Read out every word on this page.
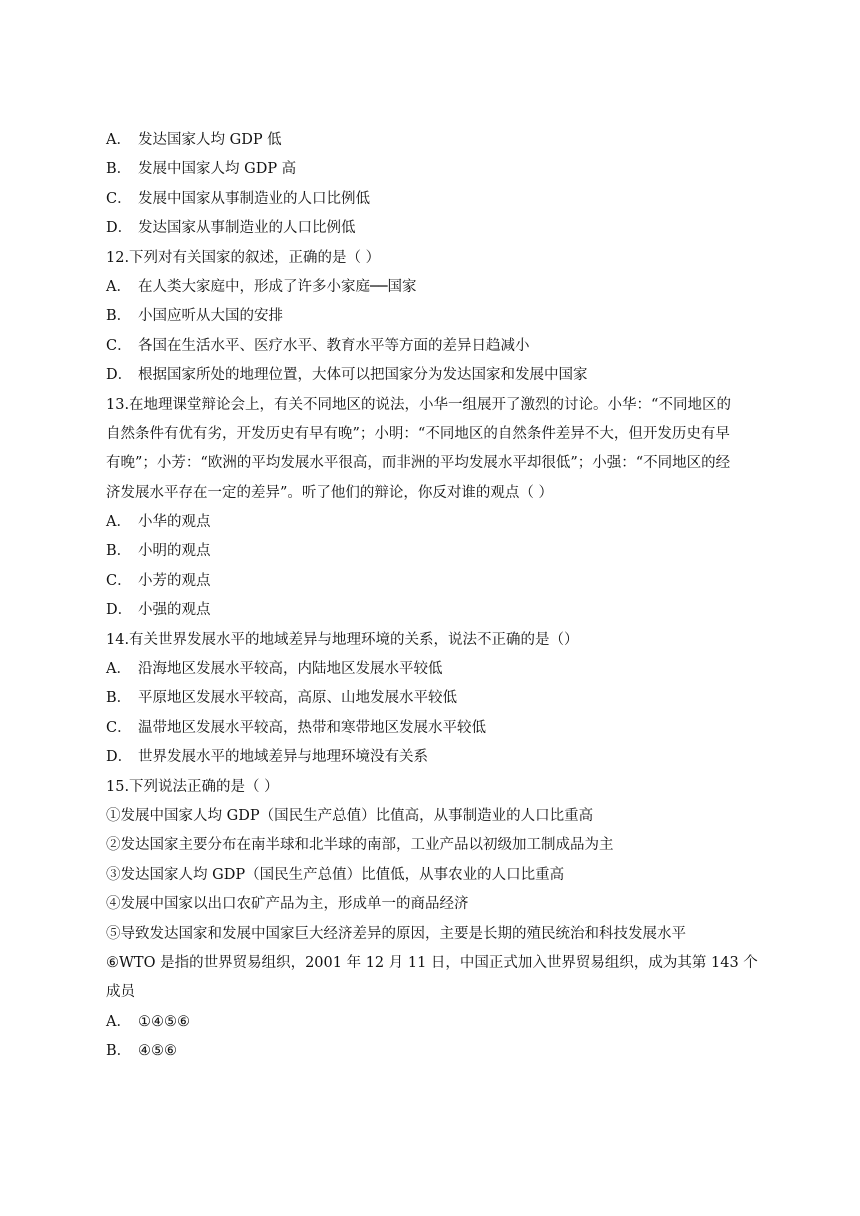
A． 发达国家人均 GDP 低
B． 发展中国家人均 GDP 高
C． 发展中国家从事制造业的人口比例低
D． 发达国家从事制造业的人口比例低
12.下列对有关国家的叙述，正确的是（ ）
A． 在人类大家庭中，形成了许多小家庭──国家
B． 小国应听从大国的安排
C． 各国在生活水平、医疗水平、教育水平等方面的差异日趋减小
D． 根据国家所处的地理位置，大体可以把国家分为发达国家和发展中国家
13.在地理课堂辩论会上，有关不同地区的说法，小华一组展开了激烈的讨论。小华：“不同地区的
自然条件有优有劣，开发历史有早有晚”；小明：“不同地区的自然条件差异不大，但开发历史有早
有晚”；小芳：“欧洲的平均发展水平很高，而非洲的平均发展水平却很低”；小强：“不同地区的经
济发展水平存在一定的差异”。听了他们的辩论，你反对谁的观点（ ）
A． 小华的观点
B． 小明的观点
C． 小芳的观点
D． 小强的观点
14.有关世界发展水平的地域差异与地理环境的关系，说法不正确的是（）
A． 沿海地区发展水平较高，内陆地区发展水平较低
B． 平原地区发展水平较高，高原、山地发展水平较低
C． 温带地区发展水平较高，热带和寒带地区发展水平较低
D． 世界发展水平的地域差异与地理环境没有关系
15.下列说法正确的是（ ）
①发展中国家人均 GDP（国民生产总值）比值高，从事制造业的人口比重高
②发达国家主要分布在南半球和北半球的南部，工业产品以初级加工制成品为主
③发达国家人均 GDP（国民生产总值）比值低，从事农业的人口比重高
④发展中国家以出口农矿产品为主，形成单一的商品经济
⑤导致发达国家和发展中国家巨大经济差异的原因，主要是长期的殖民统治和科技发展水平
⑥WTO 是指的世界贸易组织，2001 年 12 月 11 日，中国正式加入世界贸易组织，成为其第 143 个
成员
A． ①④⑤⑥
B． ④⑤⑥
